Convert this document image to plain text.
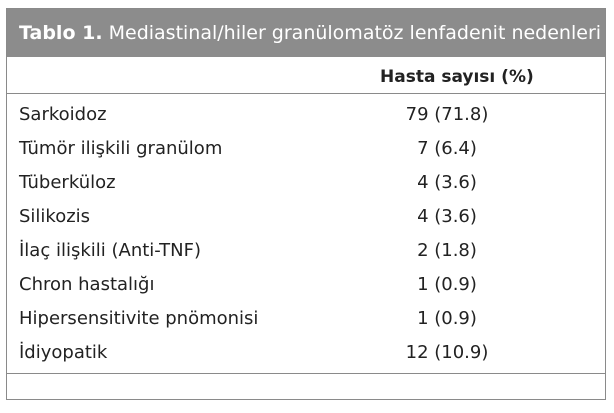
Tablo 1. Mediastinal/hiler granülomatöz lenfadenit nedenleri
Hasta sayısı (%)
Sarkoidoz	79 (71.8)
Tümör ilişkili granülom	7 (6.4)
Tüberküloz	4 (3.6)
Silikozis	4 (3.6)
İlaç ilişkili (Anti-TNF)	2 (1.8)
Chron hastalığı	1 (0.9)
Hipersensitivite pnömonisi	1 (0.9)
İdiyopatik	12 (10.9)
